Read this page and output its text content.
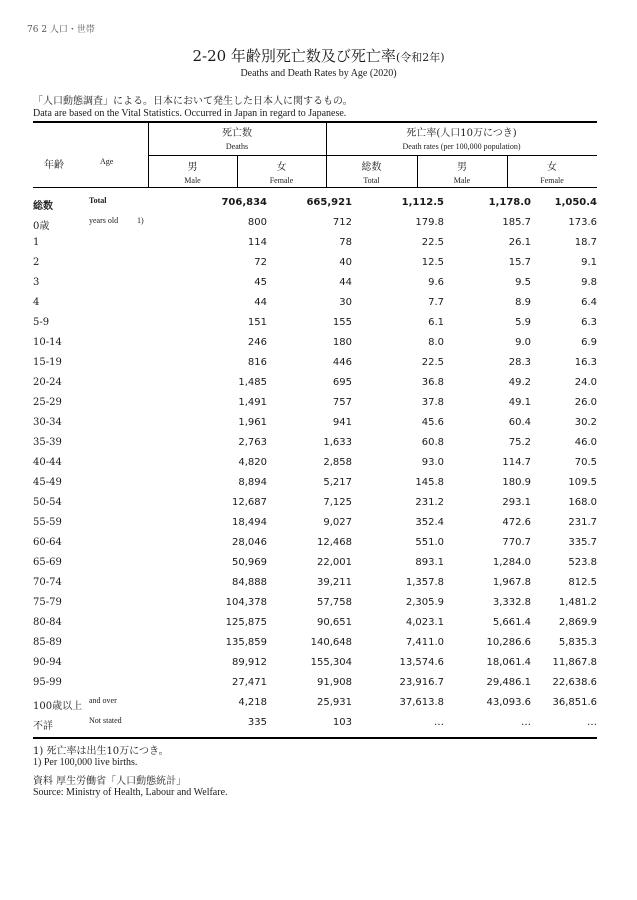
76 2 人口・世帯
2-20 年齢別死亡数及び死亡率(令和2年)
Deaths and Death Rates by Age (2020)
「人口動態調査」による。日本において発生した日本人に関するもの。
Data are based on the Vital Statistics. Occurred in Japan in regard to Japanese.
年齢	Age
死亡数
Deaths
死亡率(人口10万につき)
Death rates (per 100,000 population)
男
Male
女
Female
総数
Total
男
Male
女
Female
総数
Total	706,834	665,921	1,112.5	1,178.0 1,050.4
0歳
years old 1)	800	712	179.8	185.7	173.6
1	114	78	22.5	26.1	18.7
2	72	40	12.5	15.7	9.1
3	45	44	9.6	9.5	9.8
4	44	30	7.7	8.9	6.4
5-9	151	155	6.1	5.9	6.3
10-14	246	180	8.0	9.0	6.9
15-19	816	446	22.5	28.3	16.3
20-24	1,485	695	36.8	49.2	24.0
25-29	1,491	757	37.8	49.1	26.0
30-34	1,961	941	45.6	60.4	30.2
35-39	2,763	1,633	60.8	75.2	46.0
40-44	4,820	2,858	93.0	114.7	70.5
45-49	8,894	5,217	145.8	180.9	109.5
50-54	12,687	7,125	231.2	293.1	168.0
55-59	18,494	9,027	352.4	472.6	231.7
60-64	28,046	12,468	551.0	770.7	335.7
65-69	50,969	22,001	893.1	1,284.0	523.8
70-74	84,888	39,211	1,357.8	1,967.8	812.5
75-79	104,378	57,758	2,305.9	3,332.8	1,481.2
80-84	125,875	90,651	4,023.1	5,661.4	2,869.9
85-89	135,859	140,648	7,411.0	10,286.6	5,835.3
90-94	89,912	155,304	13,574.6	18,061.4 11,867.8
95-99	27,471	91,908	23,916.7	29,486.1 22,638.6
100歳以上
and over	4,218	25,931	37,613.8	43,093.6 36,851.6
不詳
Not stated	335	103	…	…	…
1) 死亡率は出生10万につき。
1) Per 100,000 live births.
資料 厚生労働省「人口動態統計」
Source: Ministry of Health, Labour and Welfare.
